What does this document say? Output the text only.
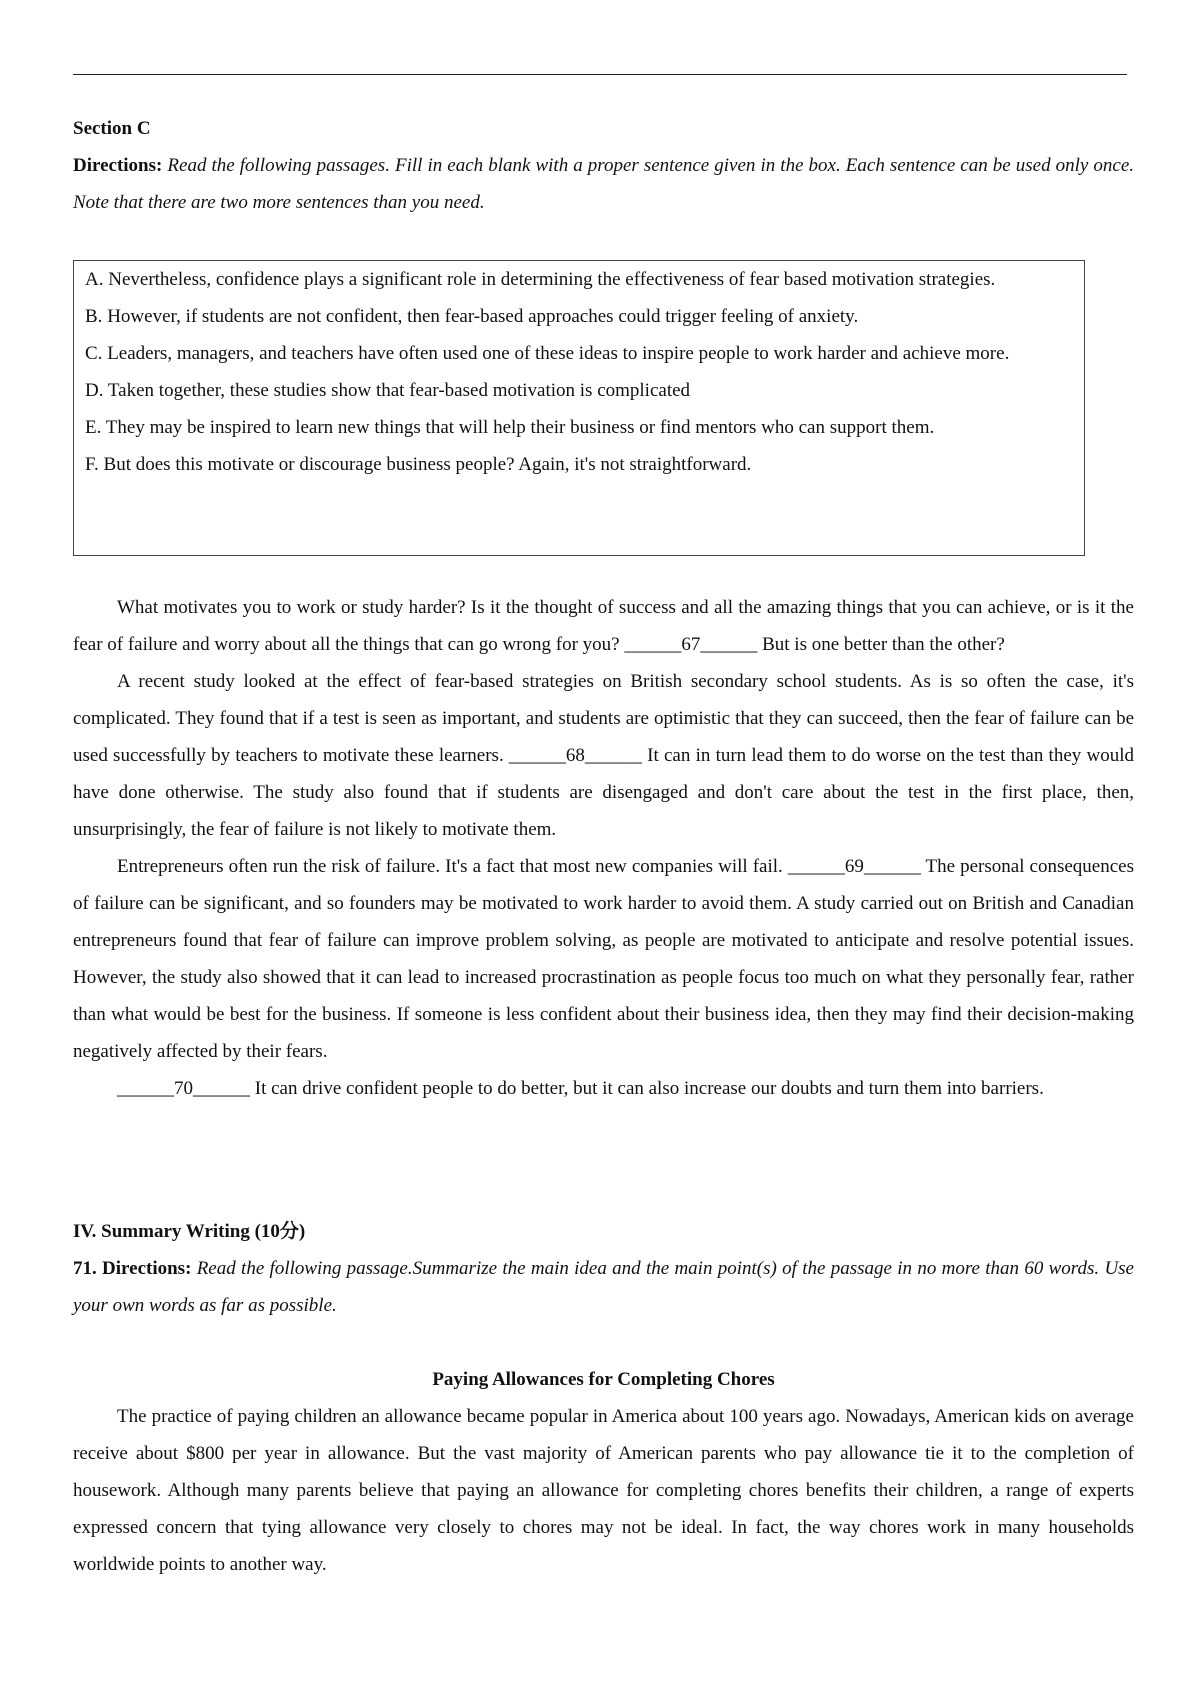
Section C

Directions: Read the following passages. Fill in each blank with a proper sentence given in the box. Each sentence can be used only once. Note that there are two more sentences than you need.

A. Nevertheless, confidence plays a significant role in determining the effectiveness of fear based motivation strategies.

B. However, if students are not confident, then fear-based approaches could trigger feeling of anxiety.

C. Leaders, managers, and teachers have often used one of these ideas to inspire people to work harder and achieve more.

D. Taken together, these studies show that fear-based motivation is complicated

E. They may be inspired to learn new things that will help their business or find mentors who can support them.

F. But does this motivate or discourage business people? Again, it's not straightforward.

What motivates you to work or study harder? Is it the thought of success and all the amazing things that you can achieve, or is it the fear of failure and worry about all the things that can go wrong for you? ______67______ But is one better than the other?

A recent study looked at the effect of fear-based strategies on British secondary school students. As is so often the case, it's complicated. They found that if a test is seen as important, and students are optimistic that they can succeed, then the fear of failure can be used successfully by teachers to motivate these learners. ______68______ It can in turn lead them to do worse on the test than they would have done otherwise. The study also found that if students are disengaged and don't care about the test in the first place, then, unsurprisingly, the fear of failure is not likely to motivate them.

Entrepreneurs often run the risk of failure. It's a fact that most new companies will fail. ______69______ The personal consequences of failure can be significant, and so founders may be motivated to work harder to avoid them. A study carried out on British and Canadian entrepreneurs found that fear of failure can improve problem solving, as people are motivated to anticipate and resolve potential issues. However, the study also showed that it can lead to increased procrastination as people focus too much on what they personally fear, rather than what would be best for the business. If someone is less confident about their business idea, then they may find their decision-making negatively affected by their fears.

______70______ It can drive confident people to do better, but it can also increase our doubts and turn them into barriers.

IV. Summary Writing (10分)

71. Directions: Read the following passage.Summarize the main idea and the main point(s) of the passage in no more than 60 words. Use your own words as far as possible.

Paying Allowances for Completing Chores

The practice of paying children an allowance became popular in America about 100 years ago. Nowadays, American kids on average receive about $800 per year in allowance. But the vast majority of American parents who pay allowance tie it to the completion of housework. Although many parents believe that paying an allowance for completing chores benefits their children, a range of experts expressed concern that tying allowance very closely to chores may not be ideal. In fact, the way chores work in many households worldwide points to another way.
